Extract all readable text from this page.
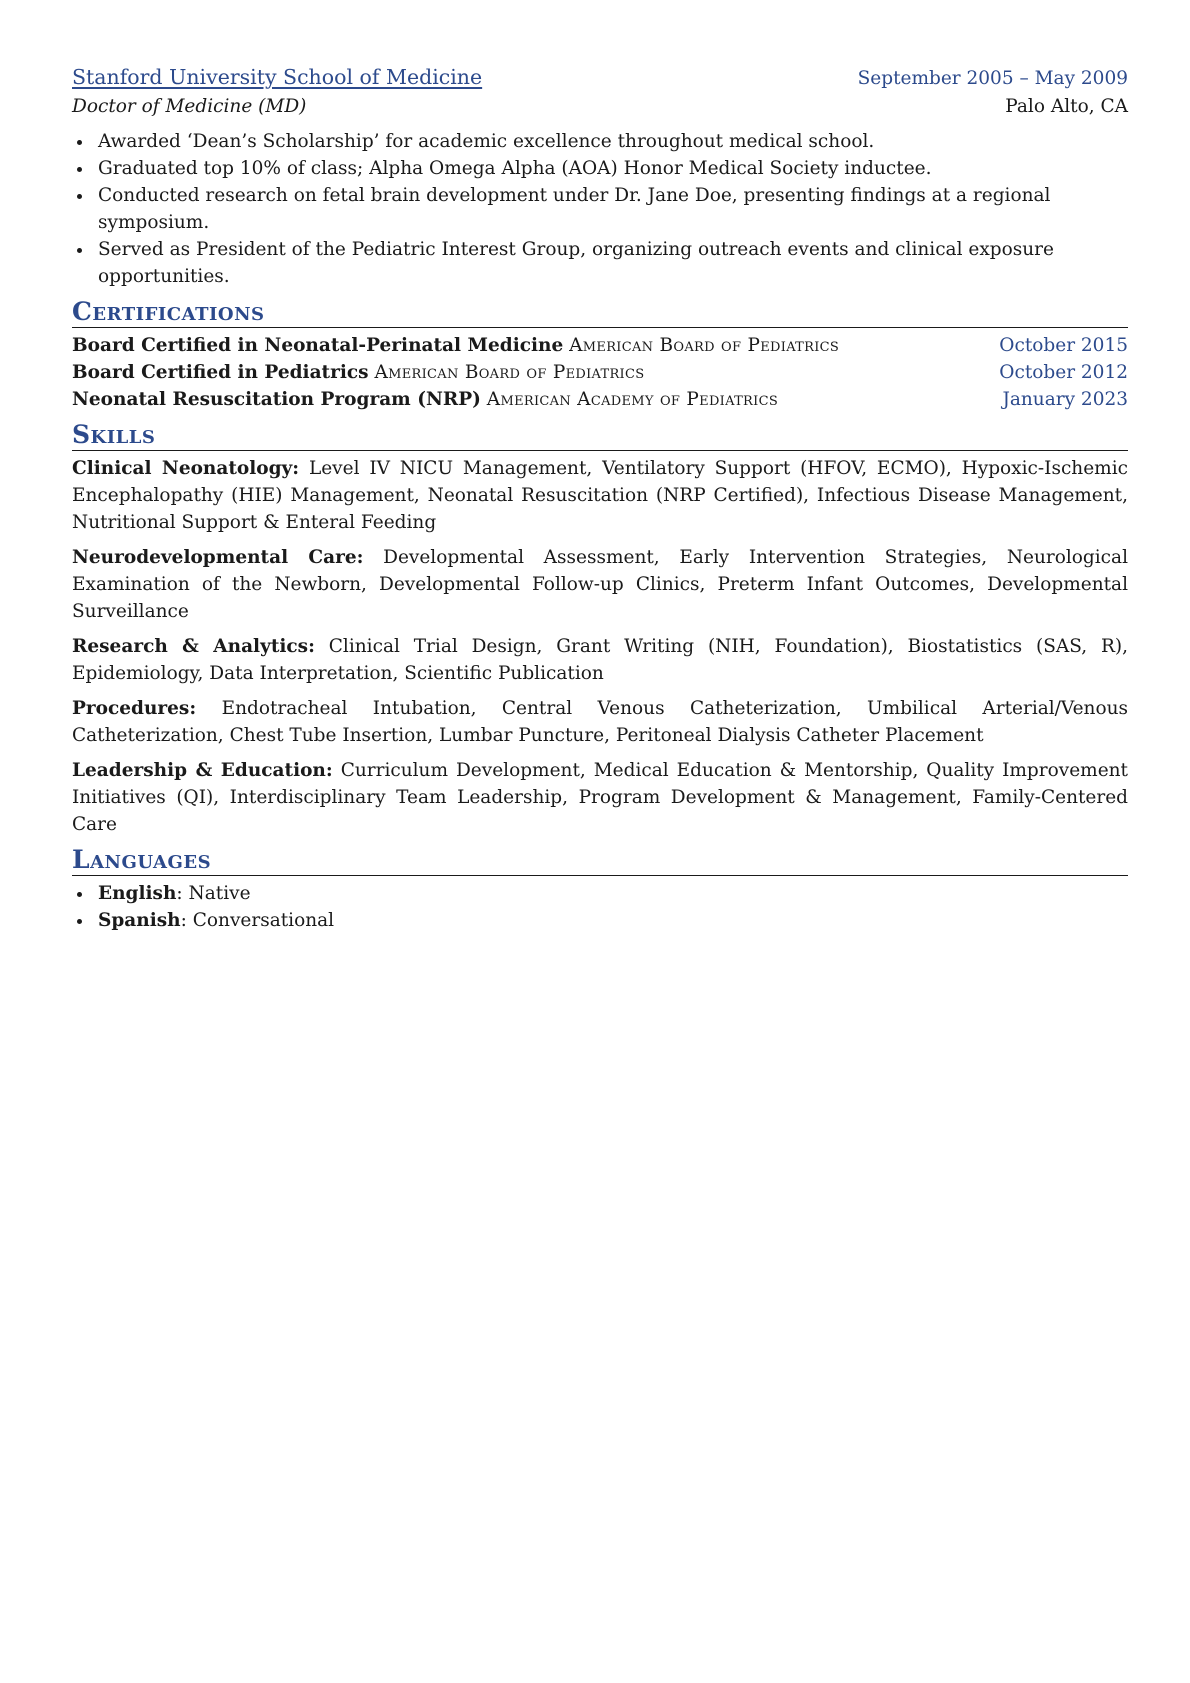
Stanford University School of Medicine	September 2005 – May 2009
Doctor of Medicine (MD)	Palo Alto, CA
Awarded ‘Dean’s Scholarship’ for academic excellence throughout medical school.
Graduated top 10% of class; Alpha Omega Alpha (AOA) Honor Medical Society inductee.
Conducted research on fetal brain development under Dr. Jane Doe, presenting findings at a regional symposium.
Served as President of the Pediatric Interest Group, organizing outreach events and clinical exposure opportunities.
Certifications
Board Certified in Neonatal-Perinatal Medicine American Board of Pediatrics	October 2015
Board Certified in Pediatrics American Board of Pediatrics	October 2012
Neonatal Resuscitation Program (NRP) American Academy of Pediatrics	January 2023
Skills
Clinical Neonatology: Level IV NICU Management, Ventilatory Support (HFOV, ECMO), Hypoxic-Ischemic Encephalopathy (HIE) Management, Neonatal Resuscitation (NRP Certified), Infectious Disease Management, Nutritional Support & Enteral Feeding
Neurodevelopmental Care: Developmental Assessment, Early Intervention Strategies, Neurological Examination of the Newborn, Developmental Follow-up Clinics, Preterm Infant Outcomes, Developmental Surveillance
Research & Analytics: Clinical Trial Design, Grant Writing (NIH, Foundation), Biostatistics (SAS, R), Epidemiology, Data Interpretation, Scientific Publication
Procedures: Endotracheal Intubation, Central Venous Catheterization, Umbilical Arterial/Venous Catheterization, Chest Tube Insertion, Lumbar Puncture, Peritoneal Dialysis Catheter Placement
Leadership & Education: Curriculum Development, Medical Education & Mentorship, Quality Improvement Initiatives (QI), Interdisciplinary Team Leadership, Program Development & Management, Family-Centered Care
Languages
English: Native
Spanish: Conversational
